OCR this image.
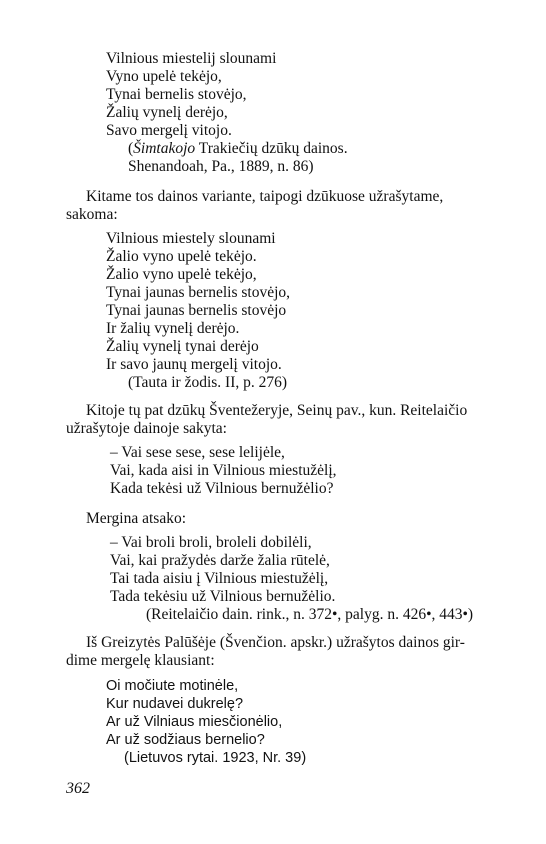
Vilnious miestelij slounami
Vyno upelė tekėjo,
Tynai bernelis stovėjo,
Žalių vynelį derėjo,
Savo mergelį vitojo.
(Šimtakojo Trakiečių dzūkų dainos.
Shenandoah, Pa., 1889, n. 86)
Kitame tos dainos variante, taipogi dzūkuose užrašytame,
sakoma:
Vilnious miestely slounami
Žalio vyno upelė tekėjo.
Žalio vyno upelė tekėjo,
Tynai jaunas bernelis stovėjo,
Tynai jaunas bernelis stovėjo
Ir žalių vynelį derėjo.
Žalių vynelį tynai derėjo
Ir savo jaunų mergelį vitojo.
(Tauta ir žodis. II, p. 276)
Kitoje tų pat dzūkų Šventežeryje, Seinų pav., kun. Reitelaičio
užrašytoje dainoje sakyta:
– Vai sese sese, sese lelijėle,
Vai, kada aisi in Vilnious miestužėlį,
Kada tekėsi už Vilnious bernužėlio?
Mergina atsako:
– Vai broli broli, broleli dobilėli,
Vai, kai pražydės darže žalia rūtelė,
Tai tada aisiu į Vilnious miestužėlį,
Tada tekėsiu už Vilnious bernužėlio.
(Reitelaičio dain. rink., n. 372•, palyg. n. 426•, 443•)
Iš Greizytės Palūšėje (Švenčion. apskr.) užrašytos dainos gir-
dime mergelę klausiant:
Oi močiute motinėle,
Kur nudavei dukrelę?
Ar už Vilniaus miesčionėlio,
Ar už sodžiaus bernelio?
(Lietuvos rytai. 1923, Nr. 39)
362
